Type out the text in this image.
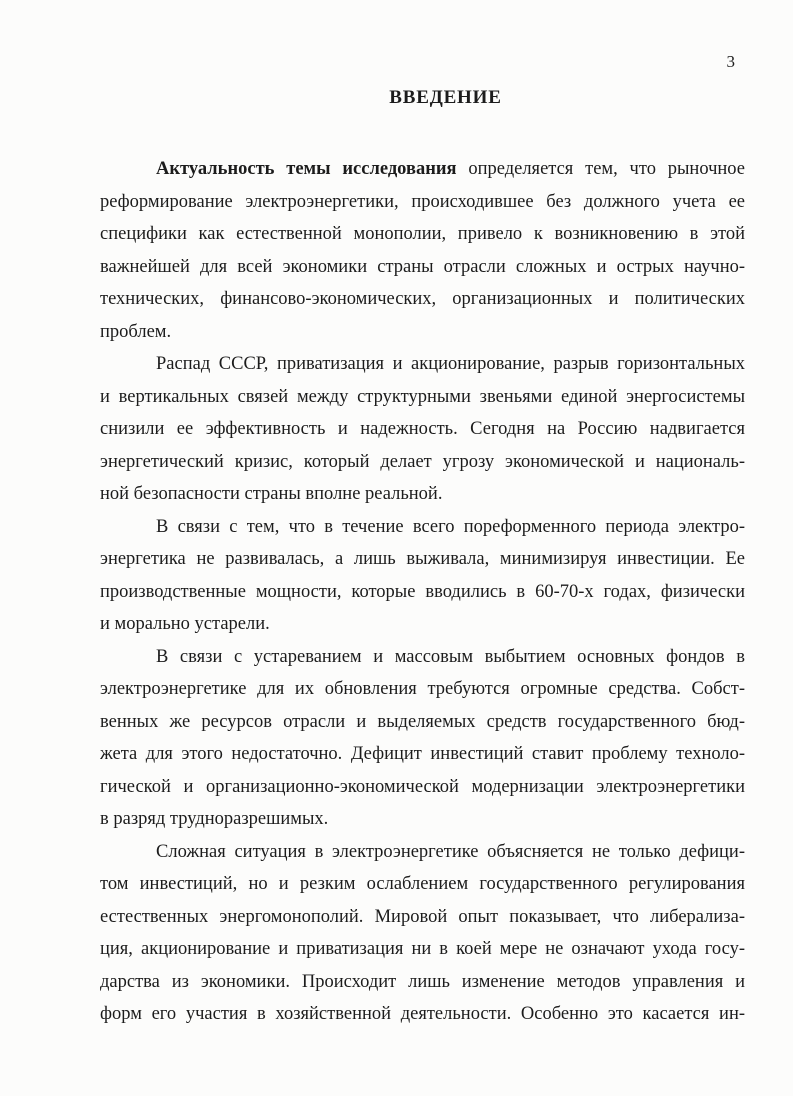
3
ВВЕДЕНИЕ
Актуальность темы исследования определяется тем, что рыночное
реформирование электроэнергетики, происходившее без должного учета ее
специфики как естественной монополии, привело к возникновению в этой
важнейшей для всей экономики страны отрасли сложных и острых научно-
технических, финансово-экономических, организационных и политических
проблем.
Распад СССР, приватизация и акционирование, разрыв горизонтальных
и вертикальных связей между структурными звеньями единой энергосистемы
снизили ее эффективность и надежность. Сегодня на Россию надвигается
энергетический кризис, который делает угрозу экономической и националь-
ной безопасности страны вполне реальной.
В связи с тем, что в течение всего пореформенного периода электро-
энергетика не развивалась, а лишь выживала, минимизируя инвестиции. Ее
производственные мощности, которые вводились в 60-70-х годах, физически
и морально устарели.
В связи с устареванием и массовым выбытием основных фондов в
электроэнергетике для их обновления требуются огромные средства. Собст-
венных же ресурсов отрасли и выделяемых средств государственного бюд-
жета для этого недостаточно. Дефицит инвестиций ставит проблему техноло-
гической и организационно-экономической модернизации электроэнергетики
в разряд трудноразрешимых.
Сложная ситуация в электроэнергетике объясняется не только дефици-
том инвестиций, но и резким ослаблением государственного регулирования
естественных энергомонополий. Мировой опыт показывает, что либерализа-
ция, акционирование и приватизация ни в коей мере не означают ухода госу-
дарства из экономики. Происходит лишь изменение методов управления и
форм его участия в хозяйственной деятельности. Особенно это касается ин-
